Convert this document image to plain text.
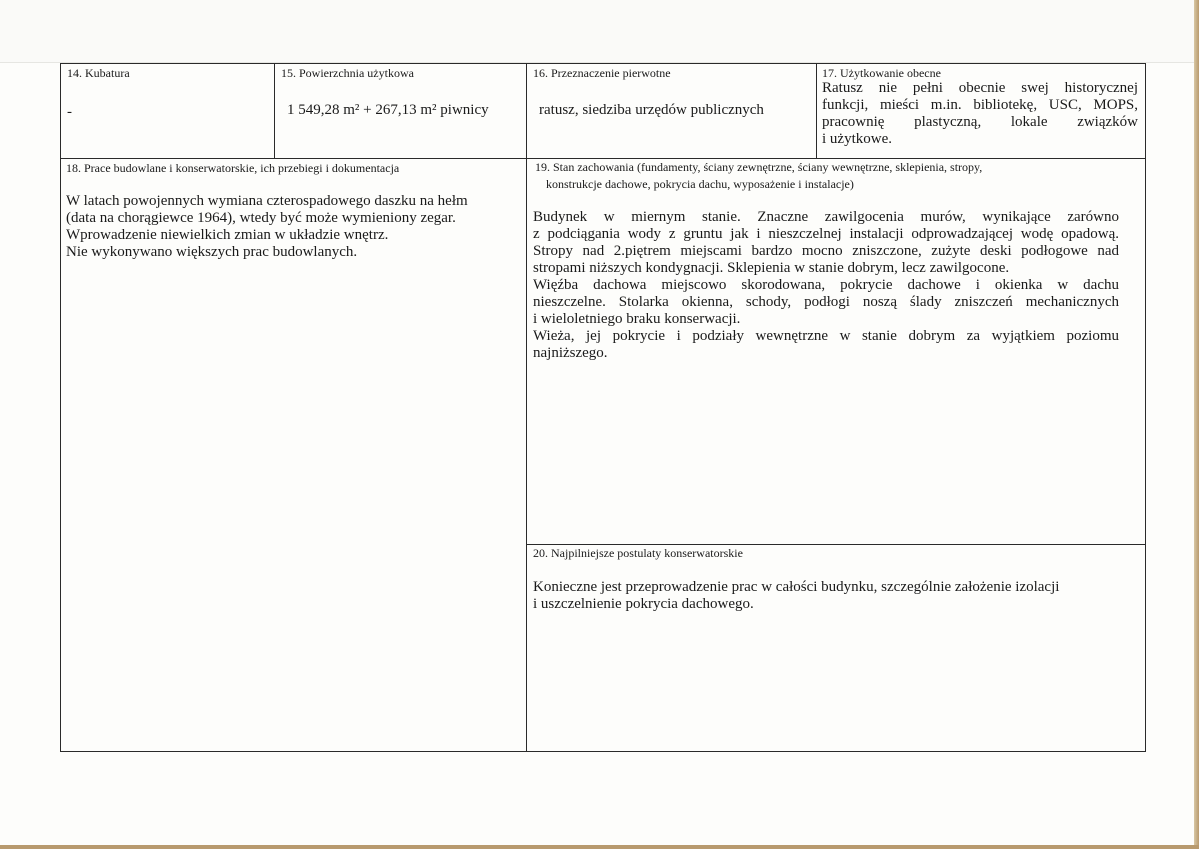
14. Kubatura
-
15. Powierzchnia użytkowa
1 549,28 m² + 267,13 m² piwnicy
16. Przeznaczenie pierwotne
ratusz, siedziba urzędów publicznych
17. Użytkowanie obecne

Ratusz nie pełni obecnie swej historycznej

funkcji, mieści m.in. bibliotekę, USC, MOPS,

pracownię plastyczną, lokale związków

i użytkowe.

18. Prace budowlane i konserwatorskie, ich przebiegi i dokumentacja

W latach powojennych wymiana czterospadowego daszku na hełm

(data na chorągiewce 1964), wtedy być może wymieniony zegar.

Wprowadzenie niewielkich zmian w układzie wnętrz.

Nie wykonywano większych prac budowlanych.

19. Stan zachowania (fundamenty, ściany zewnętrzne, ściany wewnętrzne, sklepienia, stropy,
konstrukcje dachowe, pokrycia dachu, wyposażenie i instalacje)

Budynek w miernym stanie. Znaczne zawilgocenia murów, wynikające zarówno

z podciągania wody z gruntu jak i nieszczelnej instalacji odprowadzającej wodę opadową.

Stropy nad 2.piętrem miejscami bardzo mocno zniszczone, zużyte deski podłogowe nad

stropami niższych kondygnacji. Sklepienia w stanie dobrym, lecz zawilgocone.

Więźba dachowa miejscowo skorodowana, pokrycie dachowe i okienka w dachu

nieszczelne. Stolarka okienna, schody, podłogi noszą ślady zniszczeń mechanicznych

i wieloletniego braku konserwacji.

Wieża, jej pokrycie i podziały wewnętrzne w stanie dobrym za wyjątkiem poziomu

najniższego.

20. Najpilniejsze postulaty konserwatorskie

Konieczne jest przeprowadzenie prac w całości budynku, szczególnie założenie izolacji

i uszczelnienie pokrycia dachowego.
